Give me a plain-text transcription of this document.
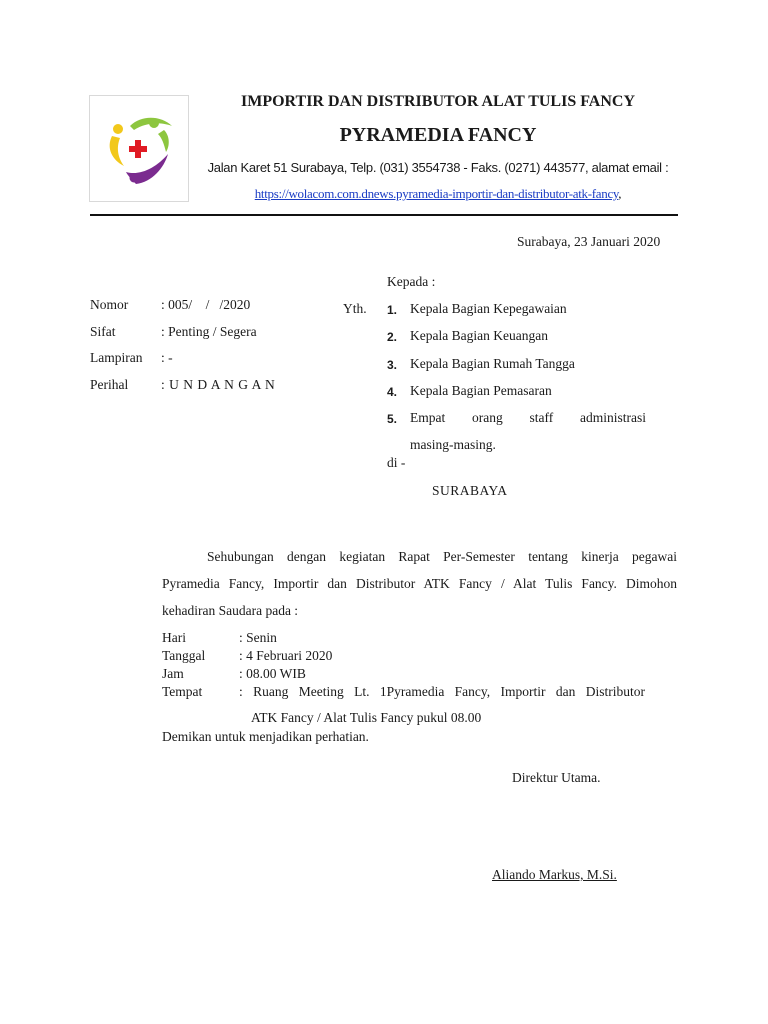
IMPORTIR DAN DISTRIBUTOR ALAT TULIS FANCY
PYRAMEDIA FANCY
Jalan Karet 51 Surabaya, Telp. (031) 3554738 - Faks. (0271) 443577, alamat email :
https://wolacom.com.dnews.pyramedia-importir-dan-distributor-atk-fancy,
Surabaya, 23 Januari 2020
Nomor : 005/    /   /2020
Sifat	: Penting / Segera
Lampiran : -
Perihal : U N D A N G A N
Kepada :
Yth. 1. Kepala Bagian Kepegawaian
2. Kepala Bagian Keuangan
3. Kepala Bagian Rumah Tangga
4. Kepala Bagian Pemasaran
5. Empat orang staff administrasi
masing-masing.
di -
SURABAYA
Sehubungan dengan kegiatan Rapat Per-Semester tentang kinerja pegawai
Pyramedia Fancy, Importir dan Distributor ATK Fancy / Alat Tulis Fancy. Dimohon
kehadiran Saudara pada :
Hari	: Senin
Tanggal : 4 Februari 2020
Jam	: 08.00 WIB
Tempat	: Ruang Meeting Lt. 1Pyramedia Fancy, Importir dan Distributor
ATK Fancy / Alat Tulis Fancy pukul 08.00
Demikan untuk menjadikan perhatian.
Direktur Utama.
Aliando Markus, M.Si.
